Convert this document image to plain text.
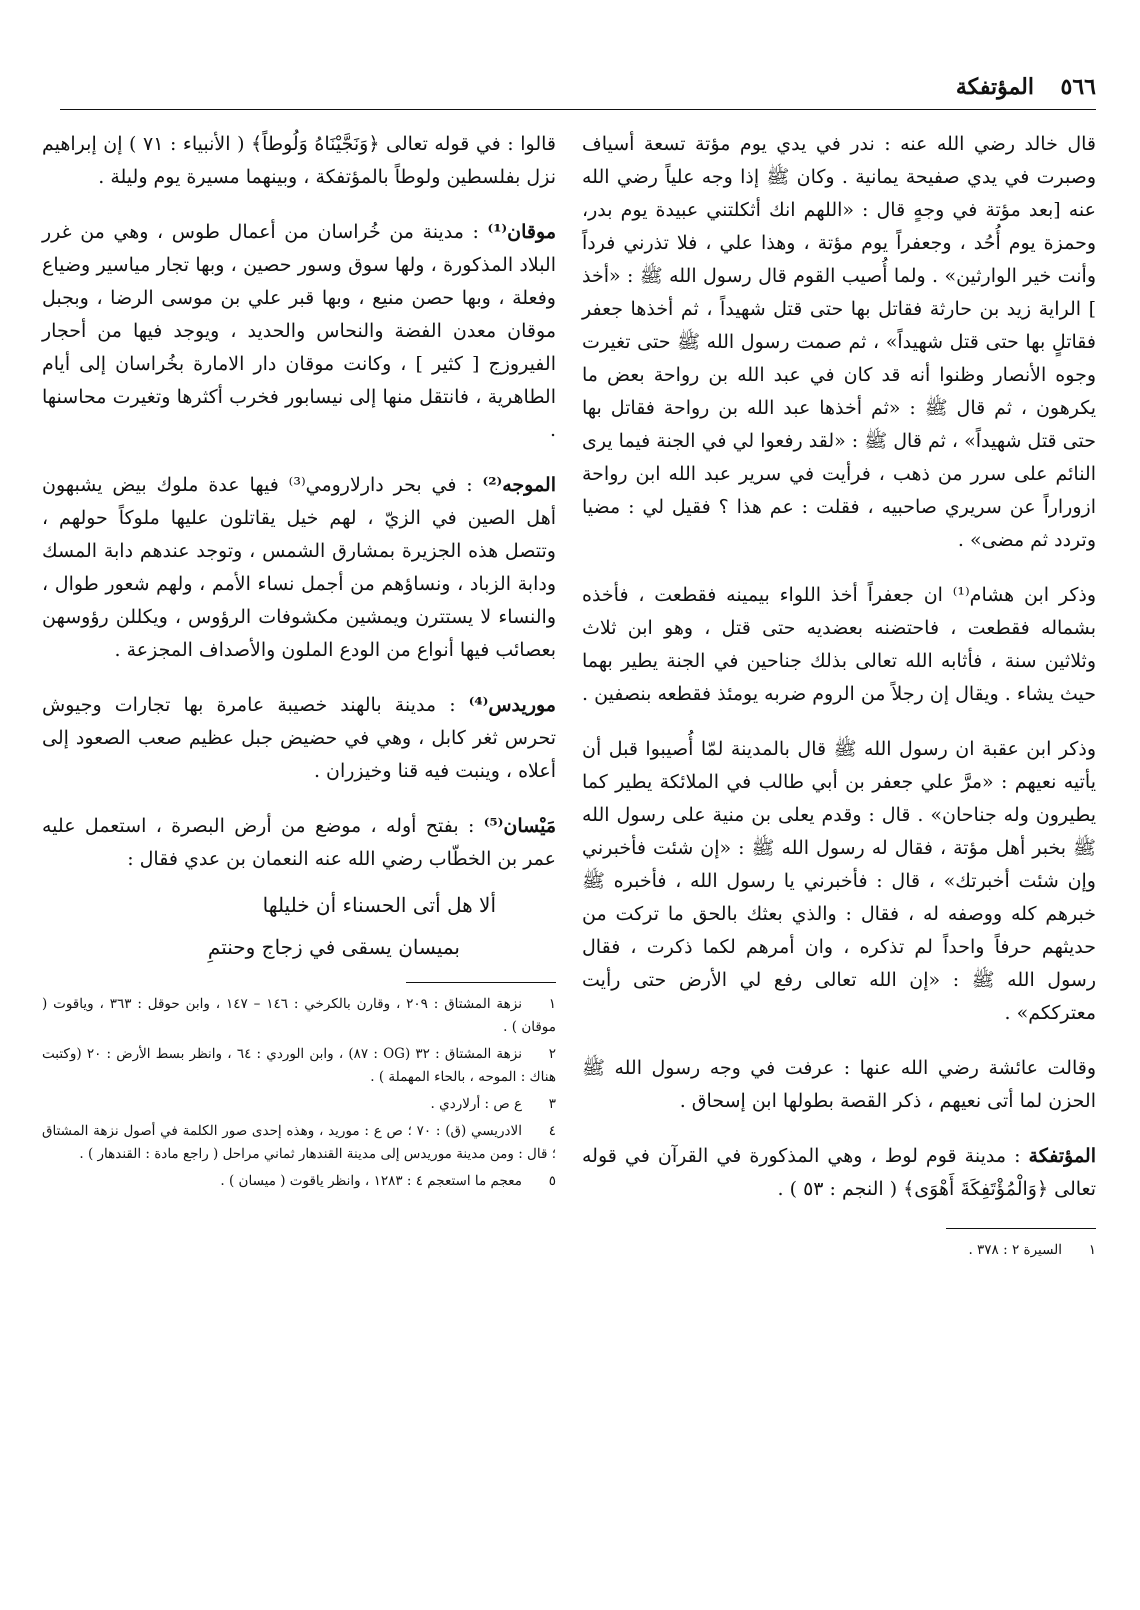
٥٦٦
المؤتفكة

قال خالد رضي الله عنه : ندر في يدي يوم مؤتة تسعة أسياف وصبرت في يدي صفيحة يمانية . وكان ﷺ إذا وجه علياً رضي الله عنه [بعد مؤتة في وجهٍ قال : «اللهم انك أثكلتني عبيدة يوم بدر، وحمزة يوم أُحُد ، وجعفراً يوم مؤتة ، وهذا علي ، فلا تذرني فرداً وأنت خير الوارثين» . ولما أُصيب القوم قال رسول الله ﷺ : «أخذ ] الراية زيد بن حارثة فقاتل بها حتى قتل شهيداً ، ثم أخذها جعفر فقاتلٍ بها حتى قتل شهيداً» ، ثم صمت رسول الله ﷺ حتى تغيرت وجوه الأنصار وظنوا أنه قد كان في عبد الله بن رواحة بعض ما يكرهون ، ثم قال ﷺ : «ثم أخذها عبد الله بن رواحة فقاتل بها حتى قتل شهيداً» ، ثم قال ﷺ : «لقد رفعوا لي في الجنة فيما يرى النائم على سرر من ذهب ، فرأيت في سرير عبد الله ابن رواحة ازوراراً عن سريري صاحبيه ، فقلت : عم هذا ؟ فقيل لي : مضيا وتردد ثم مضى» .

وذكر ابن هشام⁽¹⁾ ان جعفراً أخذ اللواء بيمينه فقطعت ، فأخذه بشماله فقطعت ، فاحتضنه بعضديه حتى قتل ، وهو ابن ثلاث وثلاثين سنة ، فأثابه الله تعالى بذلك جناحين في الجنة يطير بهما حيث يشاء . ويقال إن رجلاً من الروم ضربه يومئذ فقطعه بنصفين .

وذكر ابن عقبة ان رسول الله ﷺ قال بالمدينة لمّا أُصيبوا قبل أن يأتيه نعيهم : «مرَّ علي جعفر بن أبي طالب في الملائكة يطير كما يطيرون وله جناحان» . قال : وقدم يعلى بن منية على رسول الله ﷺ بخبر أهل مؤتة ، فقال له رسول الله ﷺ : «إن شئت فأخبرني وإن شئت أخبرتك» ، قال : فأخبرني يا رسول الله ، فأخبره ﷺ خبرهم كله ووصفه له ، فقال : والذي بعثك بالحق ما تركت من حديثهم حرفاً واحداً لم تذكره ، وان أمرهم لكما ذكرت ، فقال رسول الله ﷺ : «إن الله تعالى رفع لي الأرض حتى رأيت معترككم» .

وقالت عائشة رضي الله عنها : عرفت في وجه رسول الله ﷺ الحزن لما أتى نعيهم ، ذكر القصة بطولها ابن إسحاق .

المؤتفكة : مدينة قوم لوط ، وهي المذكورة في القرآن في قوله تعالى ﴿وَالْمُؤْتَفِكَةَ أَهْوَى﴾ ( النجم : ٥٣ ) .

١السيرة ٢ : ٣٧٨ .

قالوا : في قوله تعالى ﴿وَنَجَّيْنَاهُ وَلُوطاً﴾ ( الأنبياء : ٧١ ) إن إبراهيم نزل بفلسطين ولوطاً بالمؤتفكة ، وبينهما مسيرة يوم وليلة .

موقان⁽¹⁾ : مدينة من خُراسان من أعمال طوس ، وهي من غرر البلاد المذكورة ، ولها سوق وسور حصين ، وبها تجار مياسير وضياع وفعلة ، وبها حصن منيع ، وبها قبر علي بن موسى الرضا ، وبجبل موقان معدن الفضة والنحاس والحديد ، ويوجد فيها من أحجار الفيروزج [ كثير ] ، وكانت موقان دار الامارة بخُراسان إلى أيام الطاهرية ، فانتقل منها إلى نيسابور فخرب أكثرها وتغيرت محاسنها .

الموجه⁽²⁾ : في بحر دارلارومي⁽³⁾ فيها عدة ملوك بيض يشبهون أهل الصين في الزيّ ، لهم خيل يقاتلون عليها ملوكاً حولهم ، وتتصل هذه الجزيرة بمشارق الشمس ، وتوجد عندهم دابة المسك ودابة الزباد ، ونساؤهم من أجمل نساء الأمم ، ولهم شعور طوال ، والنساء لا يستترن ويمشين مكشوفات الرؤوس ، ويكللن رؤوسهن بعصائب فيها أنواع من الودع الملون والأصداف المجزعة .

موريدس⁽⁴⁾ : مدينة بالهند خصيبة عامرة بها تجارات وجيوش تحرس ثغر كابل ، وهي في حضيض جبل عظيم صعب الصعود إلى أعلاه ، وينبت فيه قنا وخيزران .

مَيْسان⁽⁵⁾ : بفتح أوله ، موضع من أرض البصرة ، استعمل عليه عمر بن الخطّاب رضي الله عنه النعمان بن عدي فقال :

ألا هل أتى الحسناء أن خليلها

بميسان يسقى في زجاج وحنتمِ

١نزهة المشتاق : ٢٠٩ ، وقارن بالكرخي : ١٤٦ – ١٤٧ ، وابن حوقل : ٣٦٣ ، وياقوت ( موقان ) .

٢نزهة المشتاق : ٣٢ (OG : ٨٧) ، وابن الوردي : ٦٤ ، وانظر بسط الأرض : ٢٠ (وكتبت هناك : الموحه ، بالحاء المهملة ) .

٣ع ص : أرلاردي .

٤الادريسي (ق) : ٧٠ ؛ ص ع : موريد ، وهذه إحدى صور الكلمة في أصول نزهة المشتاق ؛ قال : ومن مدينة موريدس إلى مدينة القندهار ثماني مراحل ( راجع مادة : القندهار ) .

٥معجم ما استعجم ٤ : ١٢٨٣ ، وانظر ياقوت ( ميسان ) .
